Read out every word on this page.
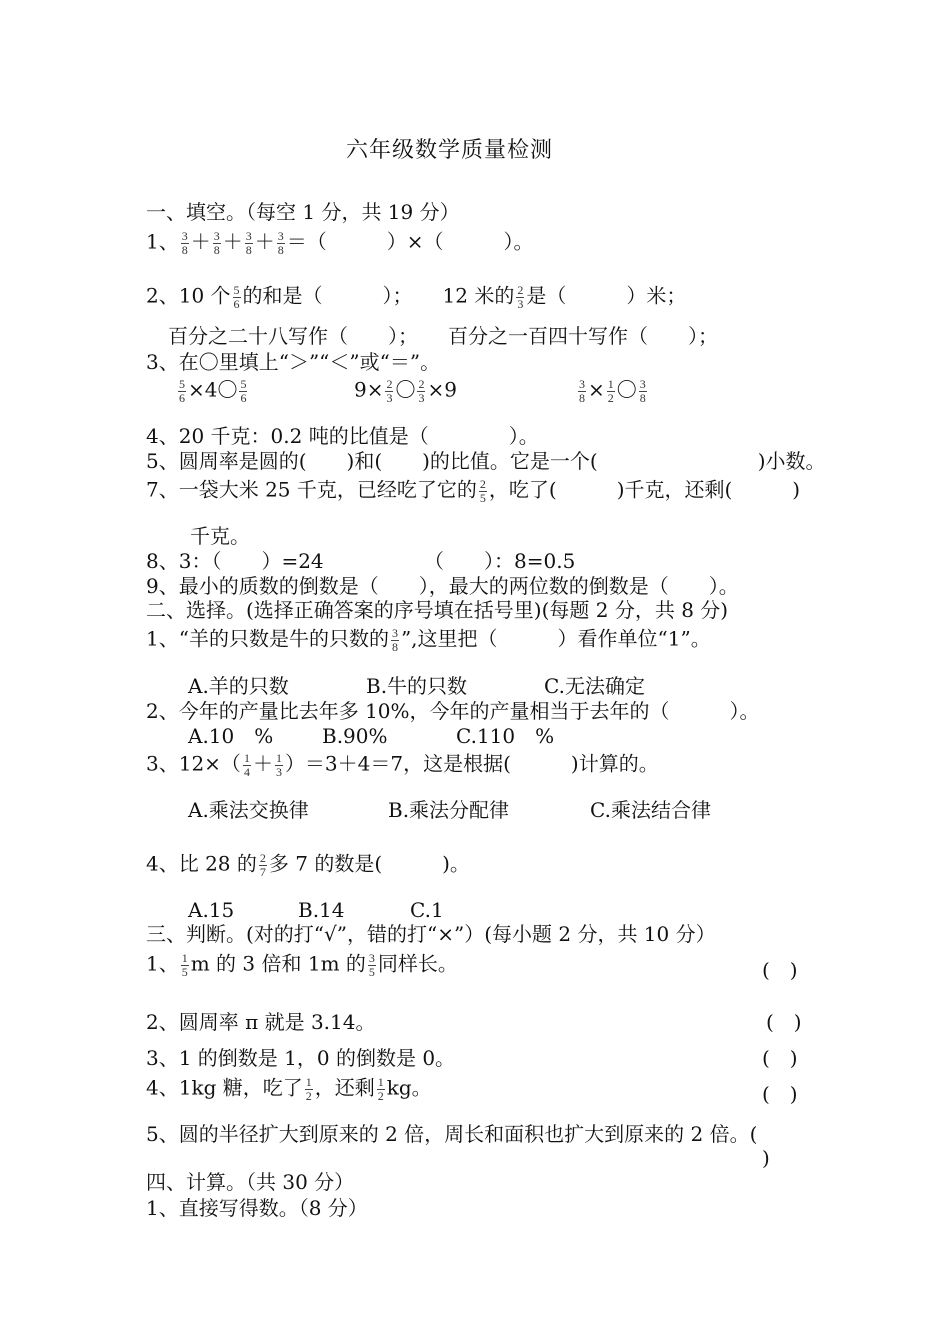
六年级数学质量检测
一、填空。（每空 1 分，共 19 分）
1、 $\frac{3}{8} + \frac{3}{8} + \frac{3}{8} + \frac{3}{8}$ ＝（　　　）×（　　　）。
2、10 个 $\frac{5}{6}$ 的和是（　　　）；　　12 米的 $\frac{2}{3}$ 是（　　　）米；
百分之二十八写作（　　）；　　百分之一百四十写作（　　）；
3、在〇里填上“＞”“＜”或“＝”。
$\frac{5}{6} \times 4$〇 $\frac{5}{6}$	$9\times \frac{2}{3}$ 〇 $\frac{2}{3} \times 9$	$\frac{3}{8} \times \frac{1}{2}$ 〇 $\frac{3}{8}$
4、20 千克：0.2 吨的比值是（　　　　）。
5、圆周率是圆的(　　)和(　　)的比值。它是一个(　　　　　　　　)小数。
7、一袋大米 25 千克，已经吃了它的 $\frac{2}{5}$ ，吃了(　　　)千克，还剩(　　　)
千克。
8、3：（　　）=24	（　　）：8=0.5
9、最小的质数的倒数是（　　），最大的两位数的倒数是（　　）。
二、选择。(选择正确答案的序号填在括号里)(每题 2 分，共 8 分)
1、“羊的只数是牛的只数的 $\frac{3}{8}$ ”,这里把（　　　）看作单位“1”。
A.羊的只数	B.牛的只数	C.无法确定
2、今年的产量比去年多 10%，今年的产量相当于去年的（　　　）。
A.10　% B.90%	C.110　%
3、$12\times( \frac{1}{4} + \frac{1}{3} )=3+4=7$，这是根据(　　　)计算的。
A.乘法交换律	B.乘法分配律	C.乘法结合律
4、比 28 的 $\frac{2}{7}$ 多 7 的数是(　　　)。
A.15	B.14	C.1
三、判断。(对的打“√”，错的打“×”）(每小题 2 分，共 10 分）
1、 $\frac{1}{5}$ m 的 3 倍和 1m 的 $\frac{3}{5}$ 同样长。	(　)
2、圆周率 π 就是 3.14。	(　)
3、1 的倒数是 1，0 的倒数是 0。	(　)
4、1kg 糖，吃了 $\frac{1}{2}$ ，还剩 $\frac{1}{2}$ kg。	(　)
5、圆的半径扩大到原来的 2 倍，周长和面积也扩大到原来的 2 倍。(
)
四、计算。（共 30 分）
1、直接写得数。（8 分）
